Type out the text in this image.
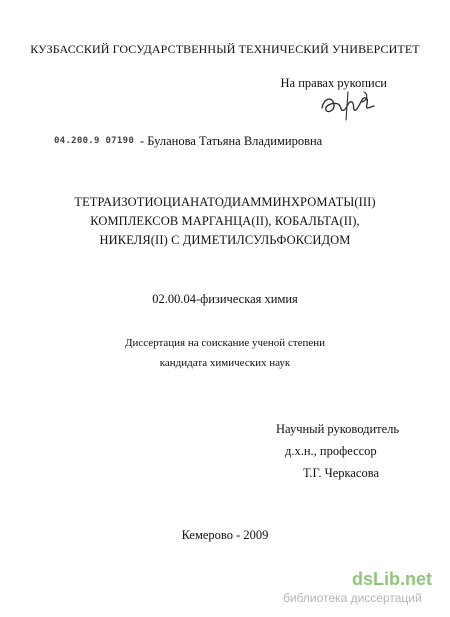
КУЗБАССКИЙ ГОСУДАРСТВЕННЫЙ ТЕХНИЧЕСКИЙ УНИВЕРСИТЕТ
На правах рукописи
04.200.9 07190 - Буланова Татьяна Владимировна
ТЕТРАИЗОТИОЦИАНАТОДИАММИНХРОМАТЫ(III)
КОМПЛЕКСОВ МАРГАНЦА(II), КОБАЛЬТА(II),
НИКЕЛЯ(II) С ДИМЕТИЛСУЛЬФОКСИДОМ
02.00.04-физическая химия
Диссертация на соискание ученой степени
кандидата химических наук
Научный руководитель
д.х.н., профессор
Т.Г. Черкасова
Кемерово - 2009
dsLib.net
библиотека диссертаций
